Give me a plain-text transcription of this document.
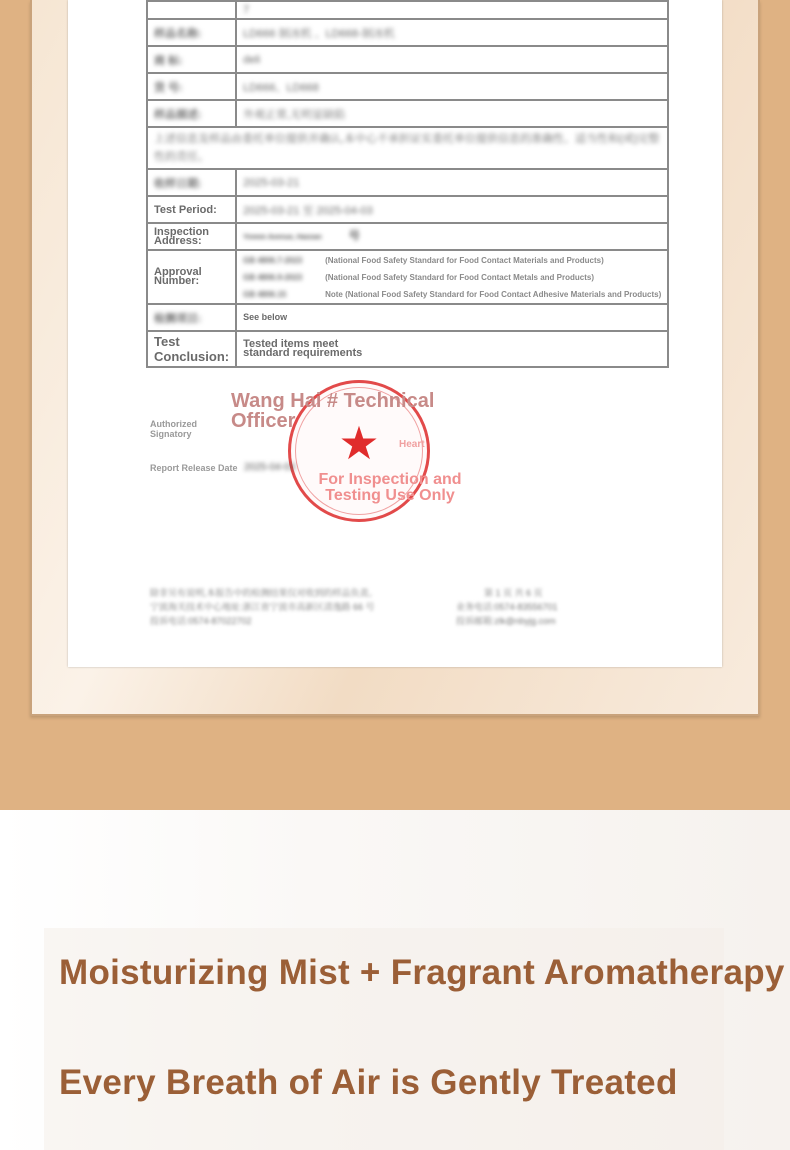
	7
样品名称:	LD666 制冰机 、LD668-制冰机
商 标:	deli
货 号:	LD666、LD668
样品描述:	外观正常,无明显缺陷
上述信息及样品由委托单位提供并确认,本中心不承担证实委托单位提供信息的准确性、适当性和(或)完整性的责任。	
收样日期:	2025-03-21
Test Period:	2025-03-21 至 2025-04-03
Inspection Address:	Yinmin Avenue, Haixian 号
Approval Number:	GB 4806.7-2023 (National Food Safety Standard for Food Contact Materials and Products)
GB 4806.9-2023 (National Food Safety Standard for Food Contact Metals and Products)
GB 4806.15 Note (National Food Safety Standard for Food Contact Adhesive Materials and Products)

检测项目:	See below
Test Conclusion:	Tested items meet standard requirements
Authorized Signatory	★ Heart
Wang Hai # Technical Officer
Report Release Date 2025-04-03
For Inspection and Testing Use Only
除非另有说明,本报告中的检测结果仅对收到的样品负责。
宁波海关技术中心地址:浙江省宁波市高新区清逸路 66 号
投诉电话:0574-87022702
第 1 页 共 6 页
业务电话:0574-83556701
投诉邮箱:zlk@nbyjg.com
Moisturizing Mist + Fragrant Aromatherapy
Every Breath of Air is Gently Treated
